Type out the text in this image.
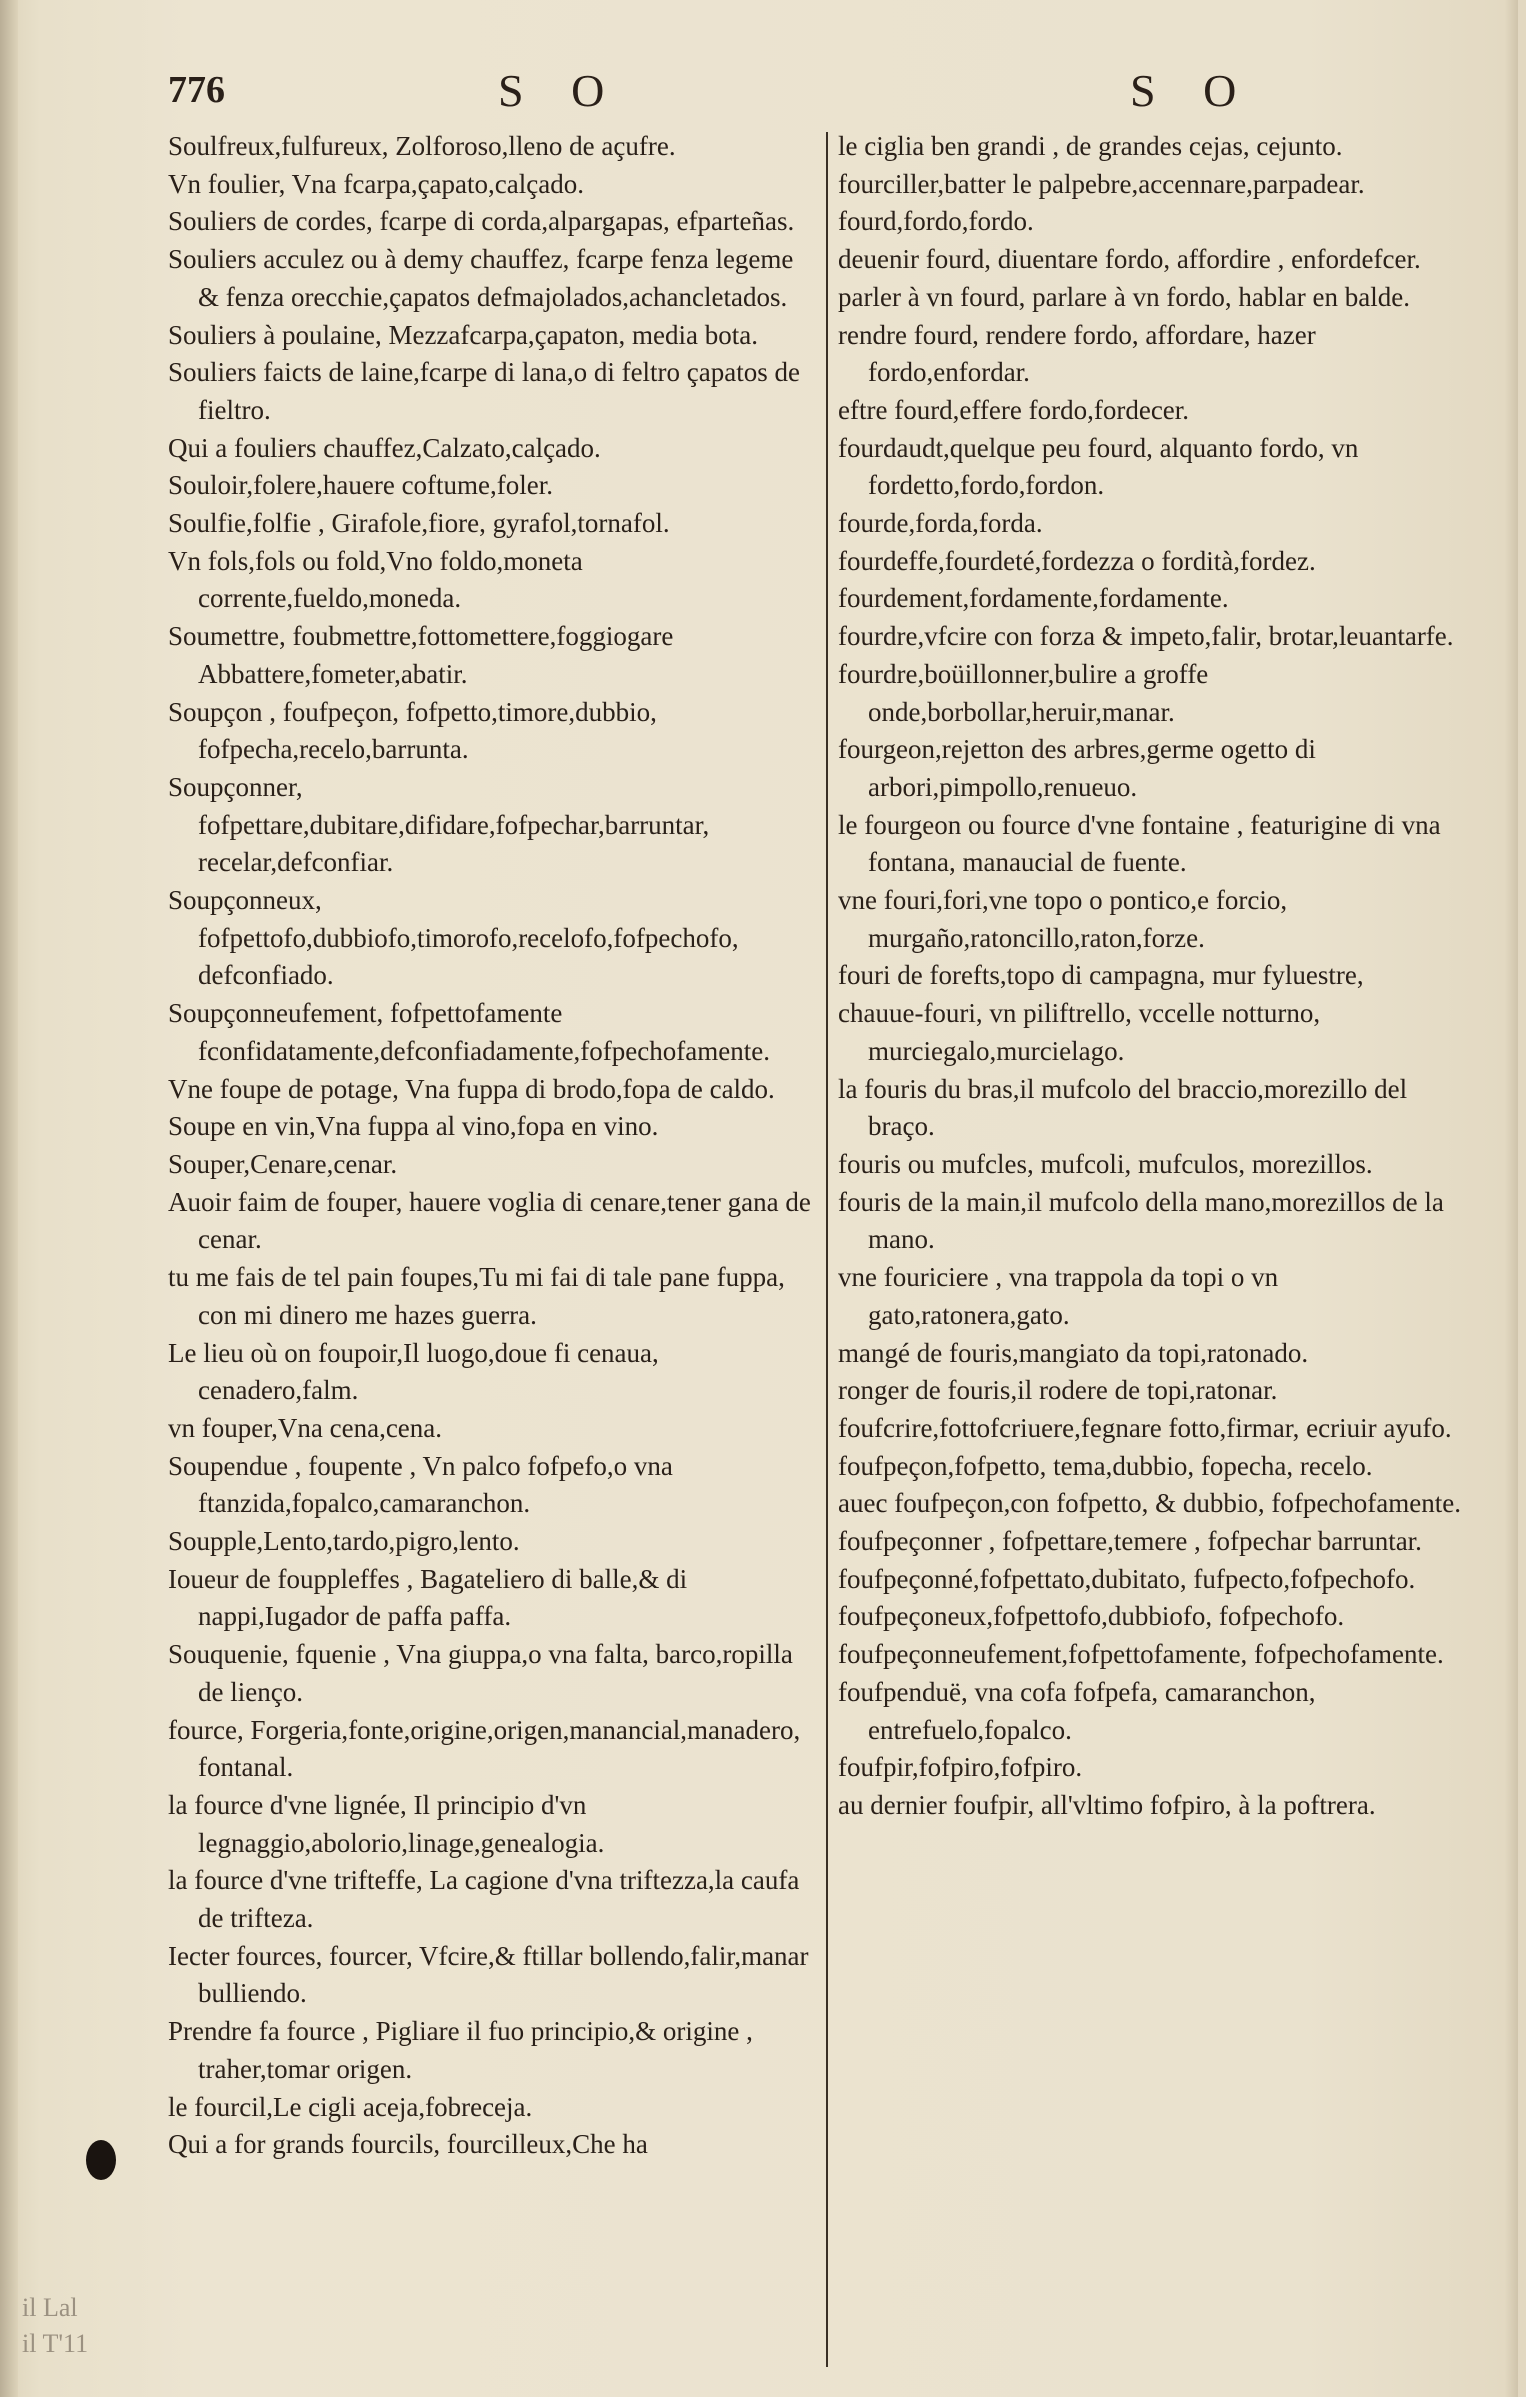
776	S O	S O

Soulfreux,fulfureux, Zolforoso,lleno de açufre.

Vn foulier, Vna fcarpa,çapato,calçado.

Souliers de cordes, fcarpe di corda,alpargapas, efparteñas.

Souliers acculez ou à demy chauffez, fcarpe fenza legeme & fenza orecchie,çapatos defmajolados,achancletados.

Souliers à poulaine, Mezzafcarpa,çapaton, media bota.

Souliers faicts de laine,fcarpe di lana,o di feltro çapatos de fieltro.

Qui a fouliers chauffez,Calzato,calçado.

Souloir,folere,hauere coftume,foler.

Soulfie,folfie , Girafole,fiore, gyrafol,tornafol.

Vn fols,fols ou fold,Vno foldo,moneta corrente,fueldo,moneda.

Soumettre, foubmettre,fottomettere,foggiogare Abbattere,fometer,abatir.

Soupçon , foufpeçon, fofpetto,timore,dubbio, fofpecha,recelo,barrunta.

Soupçonner, fofpettare,dubitare,difidare,fofpechar,barruntar, recelar,defconfiar.

Soupçonneux, fofpettofo,dubbiofo,timorofo,recelofo,fofpechofo, defconfiado.

Soupçonneufement, fofpettofamente fconfidatamente,defconfiadamente,fofpechofamente.

Vne foupe de potage, Vna fuppa di brodo,fopa de caldo.

Soupe en vin,Vna fuppa al vino,fopa en vino.

Souper,Cenare,cenar.

Auoir faim de fouper, hauere voglia di cenare,tener gana de cenar.

tu me fais de tel pain foupes,Tu mi fai di tale pane fuppa, con mi dinero me hazes guerra.

Le lieu où on foupoir,Il luogo,doue fi cenaua, cenadero,falm.

vn fouper,Vna cena,cena.

Soupendue , foupente , Vn palco fofpefo,o vna ftanzida,fopalco,camaranchon.

Soupple,Lento,tardo,pigro,lento.

Ioueur de fouppleffes , Bagateliero di balle,& di nappi,Iugador de paffa paffa.

Souquenie, fquenie , Vna giuppa,o vna falta, barco,ropilla de lienço.

fource, Forgeria,fonte,origine,origen,manancial,manadero, fontanal.

la fource d'vne lignée, Il principio d'vn legnaggio,abolorio,linage,genealogia.

la fource d'vne trifteffe, La cagione d'vna triftezza,la caufa de trifteza.

Iecter fources, fourcer, Vfcire,& ftillar bollendo,falir,manar bulliendo.

Prendre fa fource , Pigliare il fuo principio,& origine , traher,tomar origen.

le fourcil,Le cigli aceja,fobreceja.

Qui a for grands fourcils, fourcilleux,Che ha

le ciglia ben grandi , de grandes cejas, cejunto.

fourciller,batter le palpebre,accennare,parpadear.

fourd,fordo,fordo.

deuenir fourd, diuentare fordo, affordire , enfordefcer.

parler à vn fourd, parlare à vn fordo, hablar en balde.

rendre fourd, rendere fordo, affordare, hazer fordo,enfordar.

eftre fourd,effere fordo,fordecer.

fourdaudt,quelque peu fourd, alquanto fordo, vn fordetto,fordo,fordon.

fourde,forda,forda.

fourdeffe,fourdeté,fordezza o fordità,fordez.

fourdement,fordamente,fordamente.

fourdre,vfcire con forza & impeto,falir, brotar,leuantarfe.

fourdre,boüillonner,bulire a groffe onde,borbollar,heruir,manar.

fourgeon,rejetton des arbres,germe ogetto di arbori,pimpollo,renueuo.

le fourgeon ou fource d'vne fontaine , featurigine di vna fontana, manaucial de fuente.

vne fouri,fori,vne topo o pontico,e forcio, murgaño,ratoncillo,raton,forze.

fouri de forefts,topo di campagna, mur fyluestre,

chauue-fouri, vn piliftrello, vccelle notturno, murciegalo,murcielago.

la fouris du bras,il mufcolo del braccio,morezillo del braço.

fouris ou mufcles, mufcoli, mufculos, morezillos.

fouris de la main,il mufcolo della mano,morezillos de la mano.

vne fouriciere , vna trappola da topi o vn gato,ratonera,gato.

mangé de fouris,mangiato da topi,ratonado.

ronger de fouris,il rodere de topi,ratonar.

foufcrire,fottofcriuere,fegnare fotto,firmar, ecriuir ayufo.

foufpeçon,fofpetto, tema,dubbio, fopecha, recelo.

auec foufpeçon,con fofpetto, & dubbio, fofpechofamente.

foufpeçonner , fofpettare,temere , fofpechar barruntar.

foufpeçonné,fofpettato,dubitato, fufpecto,fofpechofo.

foufpeçoneux,fofpettofo,dubbiofo, fofpechofo.

foufpeçonneufement,fofpettofamente, fofpechofamente.

foufpenduë, vna cofa fofpefa, camaranchon, entrefuelo,fopalco.

foufpir,fofpiro,fofpiro.

au dernier foufpir, all'vltimo fofpiro, à la poftrera.

il Lal
il T'11
